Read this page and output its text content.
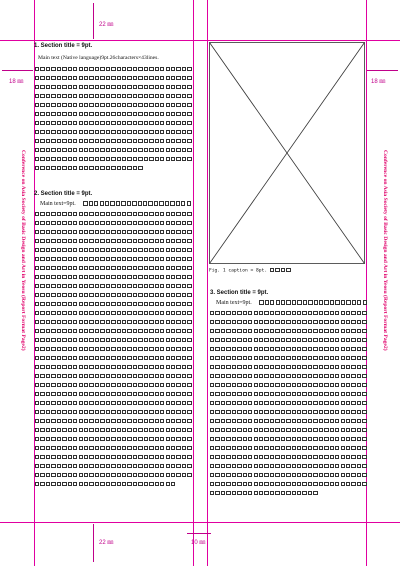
22 ㎜
22 ㎜
18 ㎜	18 ㎜
10 ㎜
Conference on Asia Society of Basic Design and Art in Yeosu (Report Format Page2)	Conference on Asia Society of Basic Design and Art in Yeosu (Report Format Page2)
1. Section title = 9pt.
Main text (Native language)9pt.26characters×43lines.
2. Section title = 9pt.
Main text=9pt.
Fig. 1 caption = 8pt.
3. Section title = 9pt.
Main text=9pt.
